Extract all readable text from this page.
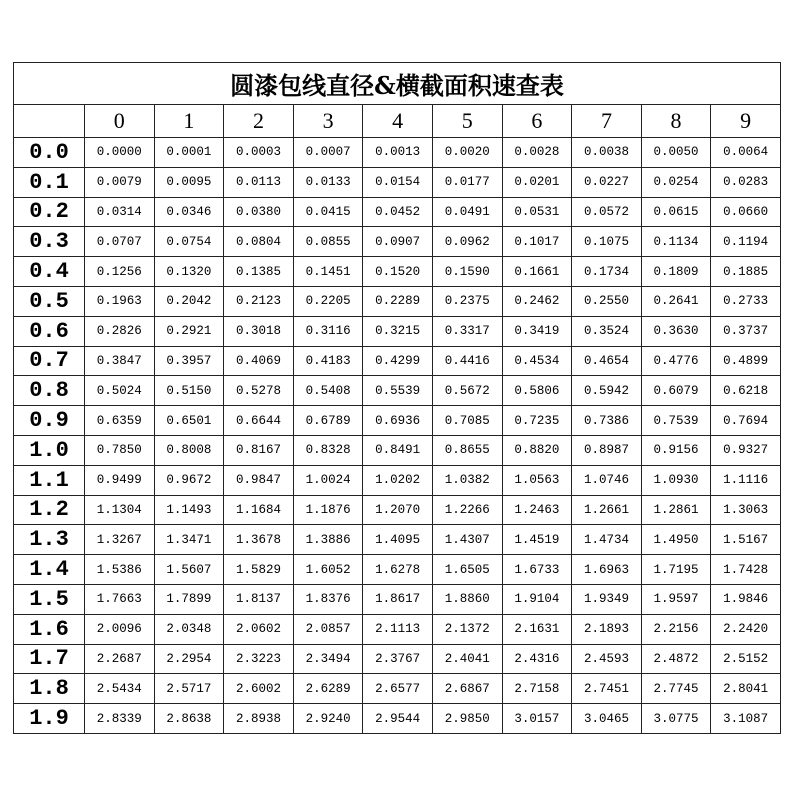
圆漆包线直径&横截面积速查表										
	0	1	2	3	4	5	6	7	8	9
0.0	0.0000	0.0001	0.0003	0.0007	0.0013	0.0020	0.0028	0.0038	0.0050	0.0064
0.1	0.0079	0.0095	0.0113	0.0133	0.0154	0.0177	0.0201	0.0227	0.0254	0.0283
0.2	0.0314	0.0346	0.0380	0.0415	0.0452	0.0491	0.0531	0.0572	0.0615	0.0660
0.3	0.0707	0.0754	0.0804	0.0855	0.0907	0.0962	0.1017	0.1075	0.1134	0.1194
0.4	0.1256	0.1320	0.1385	0.1451	0.1520	0.1590	0.1661	0.1734	0.1809	0.1885
0.5	0.1963	0.2042	0.2123	0.2205	0.2289	0.2375	0.2462	0.2550	0.2641	0.2733
0.6	0.2826	0.2921	0.3018	0.3116	0.3215	0.3317	0.3419	0.3524	0.3630	0.3737
0.7	0.3847	0.3957	0.4069	0.4183	0.4299	0.4416	0.4534	0.4654	0.4776	0.4899
0.8	0.5024	0.5150	0.5278	0.5408	0.5539	0.5672	0.5806	0.5942	0.6079	0.6218
0.9	0.6359	0.6501	0.6644	0.6789	0.6936	0.7085	0.7235	0.7386	0.7539	0.7694
1.0	0.7850	0.8008	0.8167	0.8328	0.8491	0.8655	0.8820	0.8987	0.9156	0.9327
1.1	0.9499	0.9672	0.9847	1.0024	1.0202	1.0382	1.0563	1.0746	1.0930	1.1116
1.2	1.1304	1.1493	1.1684	1.1876	1.2070	1.2266	1.2463	1.2661	1.2861	1.3063
1.3	1.3267	1.3471	1.3678	1.3886	1.4095	1.4307	1.4519	1.4734	1.4950	1.5167
1.4	1.5386	1.5607	1.5829	1.6052	1.6278	1.6505	1.6733	1.6963	1.7195	1.7428
1.5	1.7663	1.7899	1.8137	1.8376	1.8617	1.8860	1.9104	1.9349	1.9597	1.9846
1.6	2.0096	2.0348	2.0602	2.0857	2.1113	2.1372	2.1631	2.1893	2.2156	2.2420
1.7	2.2687	2.2954	2.3223	2.3494	2.3767	2.4041	2.4316	2.4593	2.4872	2.5152
1.8	2.5434	2.5717	2.6002	2.6289	2.6577	2.6867	2.7158	2.7451	2.7745	2.8041
1.9	2.8339	2.8638	2.8938	2.9240	2.9544	2.9850	3.0157	3.0465	3.0775	3.1087
